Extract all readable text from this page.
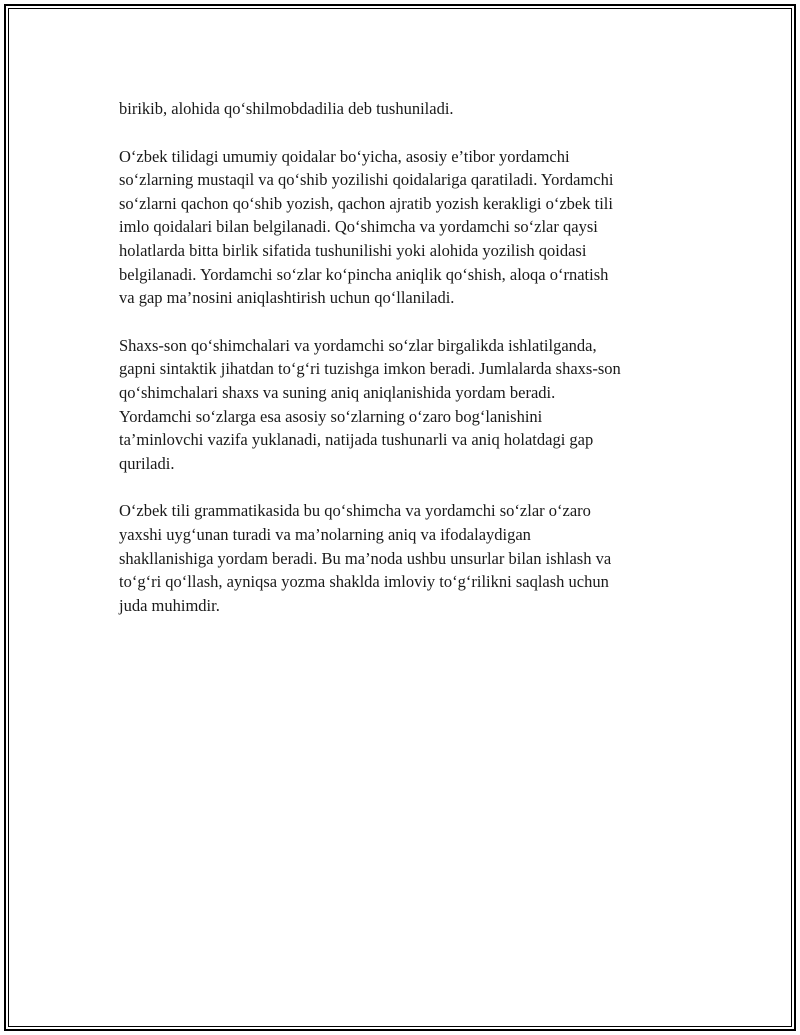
birikib, alohida qo‘shilmobdadilia deb tushuniladi.

O‘zbek tilidagi umumiy qoidalar bo‘yicha, asosiy e’tibor yordamchi
so‘zlarning mustaqil va qo‘shib yozilishi qoidalariga qaratiladi. Yordamchi
so‘zlarni qachon qo‘shib yozish, qachon ajratib yozish kerakligi o‘zbek tili
imlo qoidalari bilan belgilanadi. Qo‘shimcha va yordamchi so‘zlar qaysi
holatlarda bitta birlik sifatida tushunilishi yoki alohida yozilish qoidasi
belgilanadi. Yordamchi so‘zlar ko‘pincha aniqlik qo‘shish, aloqa o‘rnatish
va gap ma’nosini aniqlashtirish uchun qo‘llaniladi.

Shaxs-son qo‘shimchalari va yordamchi so‘zlar birgalikda ishlatilganda,
gapni sintaktik jihatdan to‘g‘ri tuzishga imkon beradi. Jumlalarda shaxs-son
qo‘shimchalari shaxs va suning aniq aniqlanishida yordam beradi.
Yordamchi so‘zlarga esa asosiy so‘zlarning o‘zaro bog‘lanishini
ta’minlovchi vazifa yuklanadi, natijada tushunarli va aniq holatdagi gap
quriladi.

O‘zbek tili grammatikasida bu qo‘shimcha va yordamchi so‘zlar o‘zaro
yaxshi uyg‘unan turadi va ma’nolarning aniq va ifodalaydigan
shakllanishiga yordam beradi. Bu ma’noda ushbu unsurlar bilan ishlash va
to‘g‘ri qo‘llash, ayniqsa yozma shaklda imloviy to‘g‘rilikni saqlash uchun
juda muhimdir.
